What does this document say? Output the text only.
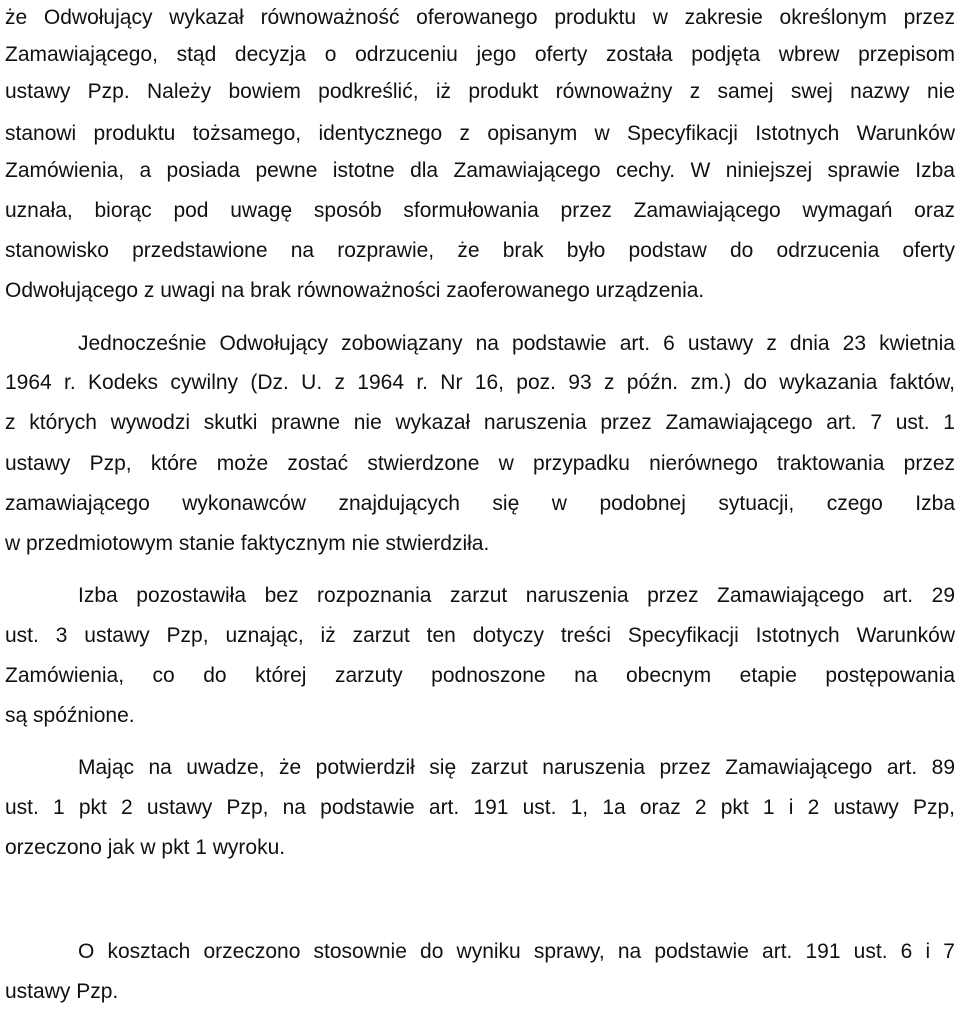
że Odwołujący wykazał równoważność oferowanego produktu w zakresie określonym przez
Zamawiającego, stąd decyzja o odrzuceniu jego oferty została podjęta wbrew przepisom
ustawy Pzp. Należy bowiem podkreślić, iż produkt równoważny z samej swej nazwy nie
stanowi produktu tożsamego, identycznego z opisanym w Specyfikacji Istotnych Warunków
Zamówienia, a posiada pewne istotne dla Zamawiającego cechy. W niniejszej sprawie Izba
uznała, biorąc pod uwagę sposób sformułowania przez Zamawiającego wymagań oraz
stanowisko przedstawione na rozprawie, że brak było podstaw do odrzucenia oferty
Odwołującego z uwagi na brak równoważności zaoferowanego urządzenia.
Jednocześnie Odwołujący zobowiązany na podstawie art. 6 ustawy z dnia 23 kwietnia
1964 r. Kodeks cywilny (Dz. U. z 1964 r. Nr 16, poz. 93 z późn. zm.) do wykazania faktów,
z których wywodzi skutki prawne nie wykazał naruszenia przez Zamawiającego art. 7 ust. 1
ustawy Pzp, które może zostać stwierdzone w przypadku nierównego traktowania przez
zamawiającego wykonawców znajdujących się w podobnej sytuacji, czego Izba
w przedmiotowym stanie faktycznym nie stwierdziła.
Izba pozostawiła bez rozpoznania zarzut naruszenia przez Zamawiającego art. 29
ust. 3 ustawy Pzp, uznając, iż zarzut ten dotyczy treści Specyfikacji Istotnych Warunków
Zamówienia, co do której zarzuty podnoszone na obecnym etapie postępowania
są spóźnione.
Mając na uwadze, że potwierdził się zarzut naruszenia przez Zamawiającego art. 89
ust. 1 pkt 2 ustawy Pzp, na podstawie art. 191 ust. 1, 1a oraz 2 pkt 1 i 2 ustawy Pzp,
orzeczono jak w pkt 1 wyroku.
O kosztach orzeczono stosownie do wyniku sprawy, na podstawie art. 191 ust. 6 i 7
ustawy Pzp.
